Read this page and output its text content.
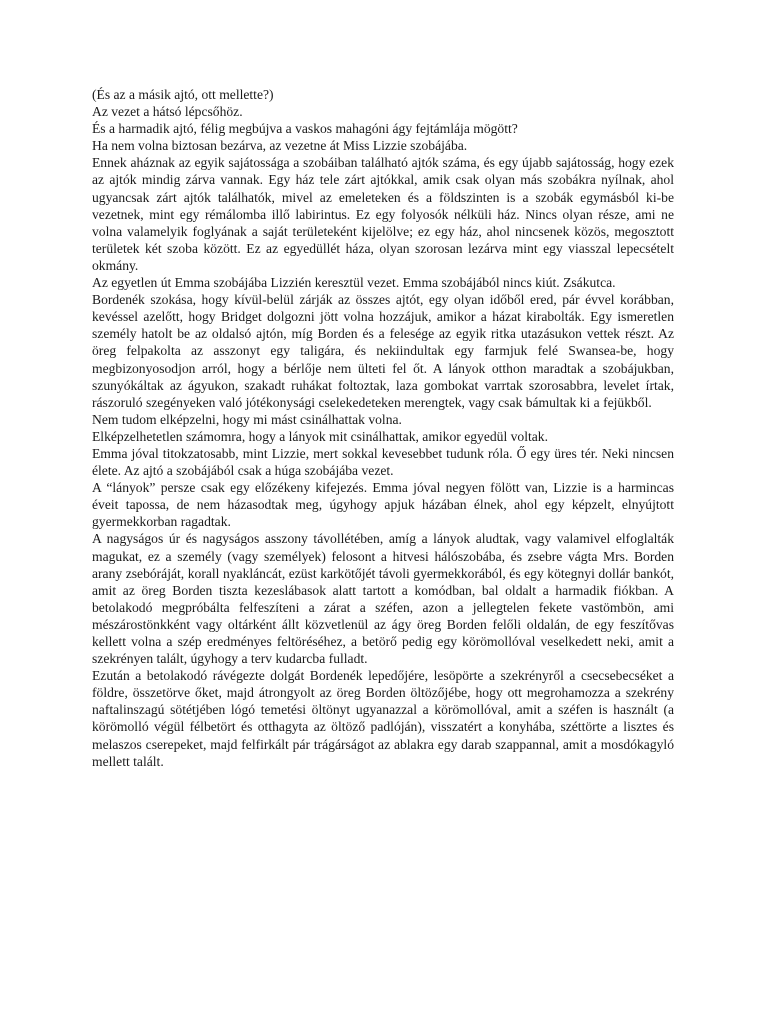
(És az a másik ajtó, ott mellette?)

Az vezet a hátsó lépcsőhöz.

És a harmadik ajtó, félig megbújva a vaskos mahagóni ágy fejtámlája mögött?

Ha nem volna biztosan bezárva, az vezetne át Miss Lizzie szobájába.

Ennek aháznak az egyik sajátossága a szobáiban található ajtók száma, és egy újabb sajátosság, hogy ezek az ajtók mindig zárva vannak. Egy ház tele zárt ajtókkal, amik csak olyan más szobákra nyílnak, ahol ugyancsak zárt ajtók találhatók, mivel az emeleteken és a földszinten is a szobák egymásból ki-be vezetnek, mint egy rémálomba illő labirintus. Ez egy folyosók nélküli ház. Nincs olyan része, ami ne volna valamelyik foglyának a saját területeként kijelölve; ez egy ház, ahol nincsenek közös, megosztott területek két szoba között. Ez az egyedüllét háza, olyan szorosan lezárva mint egy viasszal lepecsételt okmány.

Az egyetlen út Emma szobájába Lizzién keresztül vezet. Emma szobájából nincs kiút. Zsákutca.

Bordenék szokása, hogy kívül-belül zárják az összes ajtót, egy olyan időből ered, pár évvel korábban, kevéssel azelőtt, hogy Bridget dolgozni jött volna hozzájuk, amikor a házat kirabolták. Egy ismeretlen személy hatolt be az oldalsó ajtón, míg Borden és a felesége az egyik ritka utazásukon vettek részt. Az öreg felpakolta az asszonyt egy taligára, és nekiindultak egy farmjuk felé Swansea-be, hogy megbizonyosodjon arról, hogy a bérlője nem ülteti fel őt. A lányok otthon maradtak a szobájukban, szunyókáltak az ágyukon, szakadt ruhákat foltoztak, laza gombokat varrtak szorosabbra, levelet írtak, rászoruló szegényeken való jótékonysági cselekedeteken merengtek, vagy csak bámultak ki a fejükből.

Nem tudom elképzelni, hogy mi mást csinálhattak volna.

Elképzelhetetlen számomra, hogy a lányok mit csinálhattak, amikor egyedül voltak.

Emma jóval titokzatosabb, mint Lizzie, mert sokkal kevesebbet tudunk róla. Ő egy üres tér. Neki nincsen élete. Az ajtó a szobájából csak a húga szobájába vezet.

A “lányok” persze csak egy előzékeny kifejezés. Emma jóval negyen fölött van, Lizzie is a harmincas éveit tapossa, de nem házasodtak meg, úgyhogy apjuk házában élnek, ahol egy képzelt, elnyújtott gyermekkorban ragadtak.

A nagyságos úr és nagyságos asszony távollétében, amíg a lányok aludtak, vagy valamivel elfoglalták magukat, ez a személy (vagy személyek) felosont a hitvesi hálószobába, és zsebre vágta Mrs. Borden arany zsebóráját, korall nyakláncát, ezüst karkötőjét távoli gyermekkorából, és egy kötegnyi dollár bankót, amit az öreg Borden tiszta kezeslábasok alatt tartott a komódban, bal oldalt a harmadik fiókban. A betolakodó megpróbálta felfeszíteni a zárat a széfen, azon a jellegtelen fekete vastömbön, ami mészárostönkként vagy oltárként állt közvetlenül az ágy öreg Borden felőli oldalán, de egy feszítővas kellett volna a szép eredményes feltöréséhez, a betörő pedig egy körömollóval veselkedett neki, amit a szekrényen talált, úgyhogy a terv kudarcba fulladt.

Ezután a betolakodó rávégezte dolgát Bordenék lepedőjére, lesöpörte a szekrényről a csecsebecséket a földre, összetörve őket, majd átrongyolt az öreg Borden öltözőjébe, hogy ott megrohamozza a szekrény naftalinszagú sötétjében lógó temetési öltönyt ugyanazzal a körömollóval, amit a széfen is használt (a körömolló végül félbetört és otthagyta az öltöző padlóján), visszatért a konyhába, széttörte a lisztes és melaszos cserepeket, majd felfirkált pár trágárságot az ablakra egy darab szappannal, amit a mosdókagyló mellett talált.
